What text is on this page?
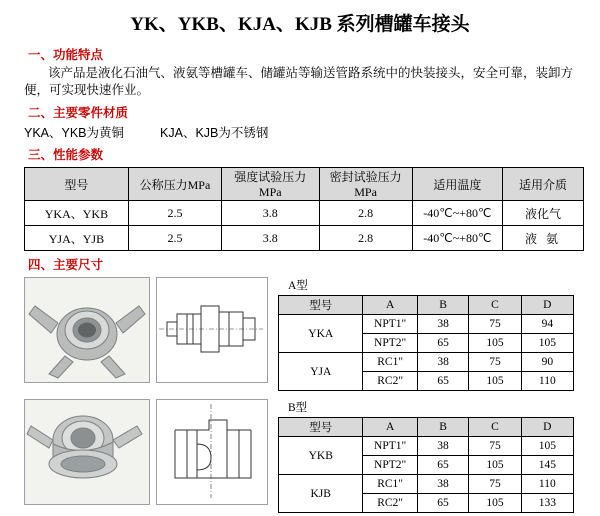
YK、YKB、KJA、KJB 系列槽罐车接头
一、功能特点
该产品是液化石油气、液氨等槽罐车、储罐站等输送管路系统中的快装接头，安全可靠，装卸方便，可实现快速作业。
二、主要零件材质
YKA、YKB为黄铜	KJA、KJB为不锈钢
三、性能参数
型号	公称压力MPa	强度试验压力MPa	密封试验压力MPa	适用温度	适用介质
YKA、YKB	2.5	3.8	2.8	-40℃~+80℃	液化气
YJA、YJB	2.5	3.8	2.8	-40℃~+80℃	液 氨
四、主要尺寸
A型
型号	A	B	C	D
YKA	NPT1"	38	75	94
	NPT2"	65	105	105
YJA	RC1"	38	75	90
	RC2"	65	105	110
B型
型号	A	B	C	D
YKB	NPT1"	38	75	105
	NPT2"	65	105	145
KJB	RC1"	38	75	110
	RC2"	65	105	133
